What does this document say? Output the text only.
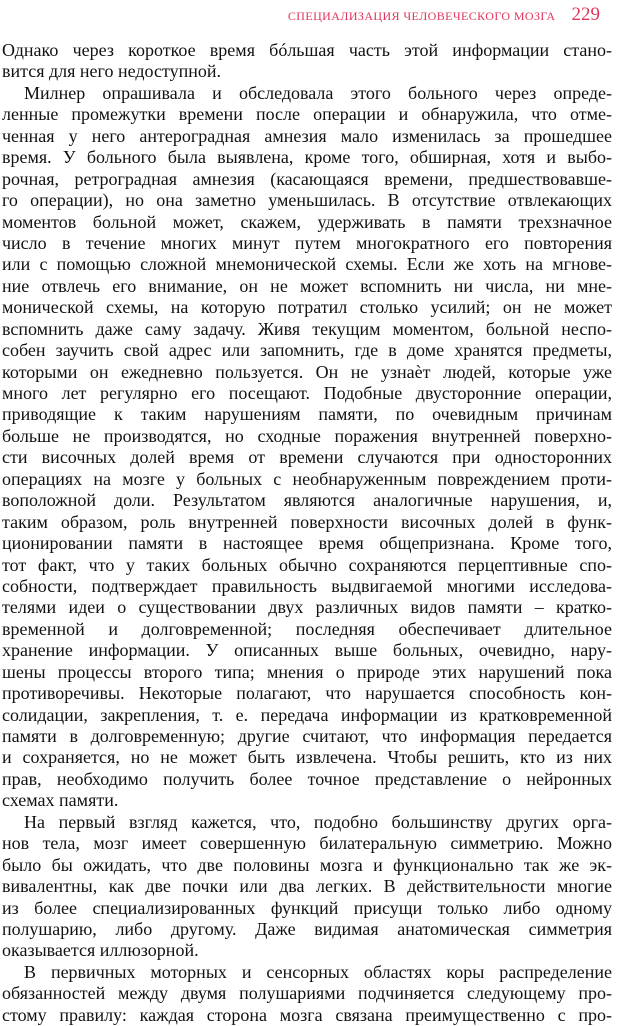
СПЕЦИАЛИЗАЦИЯ ЧЕЛОВЕЧЕСКОГО МОЗГА 229

Однако через короткое время бóльшая часть этой информации стано-
вится для него недоступной.

Милнер опрашивала и обследовала этого больного через опреде-
ленные промежутки времени после операции и обнаружила, что отме-
ченная у него антероградная амнезия мало изменилась за прошедшее
время. У больного была выявлена, кроме того, обширная, хотя и выбо-
рочная, ретроградная амнезия (касающаяся времени, предшествовавше-
го операции), но она заметно уменьшилась. В отсутствие отвлекающих
моментов больной может, скажем, удерживать в памяти трехзначное
число в течение многих минут путем многократного его повторения
или с помощью сложной мнемонической схемы. Если же хоть на мгнове-
ние отвлечь его внимание, он не может вспомнить ни числа, ни мне-
монической схемы, на которую потратил столько усилий; он не может
вспомнить даже саму задачу. Живя текущим моментом, больной неспо-
собен заучить свой адрес или запомнить, где в доме хранятся предметы,
которыми он ежедневно пользуется. Он не узнаѐт людей, которые уже
много лет регулярно его посещают. Подобные двусторонние операции,
приводящие к таким нарушениям памяти, по очевидным причинам
больше не производятся, но сходные поражения внутренней поверхно-
сти височных долей время от времени случаются при односторонних
операциях на мозге у больных с необнаруженным повреждением проти-
воположной доли. Результатом являются аналогичные нарушения, и,
таким образом, роль внутренней поверхности височных долей в функ-
ционировании памяти в настоящее время общепризнана. Кроме того,
тот факт, что у таких больных обычно сохраняются перцептивные спо-
собности, подтверждает правильность выдвигаемой многими исследова-
телями идеи о существовании двух различных видов памяти – кратко-
временной и долговременной; последняя обеспечивает длительное
хранение информации. У описанных выше больных, очевидно, нару-
шены процессы второго типа; мнения о природе этих нарушений пока
противоречивы. Некоторые полагают, что нарушается способность кон-
солидации, закрепления, т. е. передача информации из кратковременной
памяти в долговременную; другие считают, что информация передается
и сохраняется, но не может быть извлечена. Чтобы решить, кто из них
прав, необходимо получить более точное представление о нейронных
схемах памяти.

На первый взгляд кажется, что, подобно большинству других орга-
нов тела, мозг имеет совершенную билатеральную симметрию. Можно
было бы ожидать, что две половины мозга и функционально так же эк-
вивалентны, как две почки или два легких. В действительности многие
из более специализированных функций присущи только либо одному
полушарию, либо другому. Даже видимая анатомическая симметрия
оказывается иллюзорной.

В первичных моторных и сенсорных областях коры распределение
обязанностей между двумя полушариями подчиняется следующему про-
стому правилу: каждая сторона мозга связана преимущественно с про-
